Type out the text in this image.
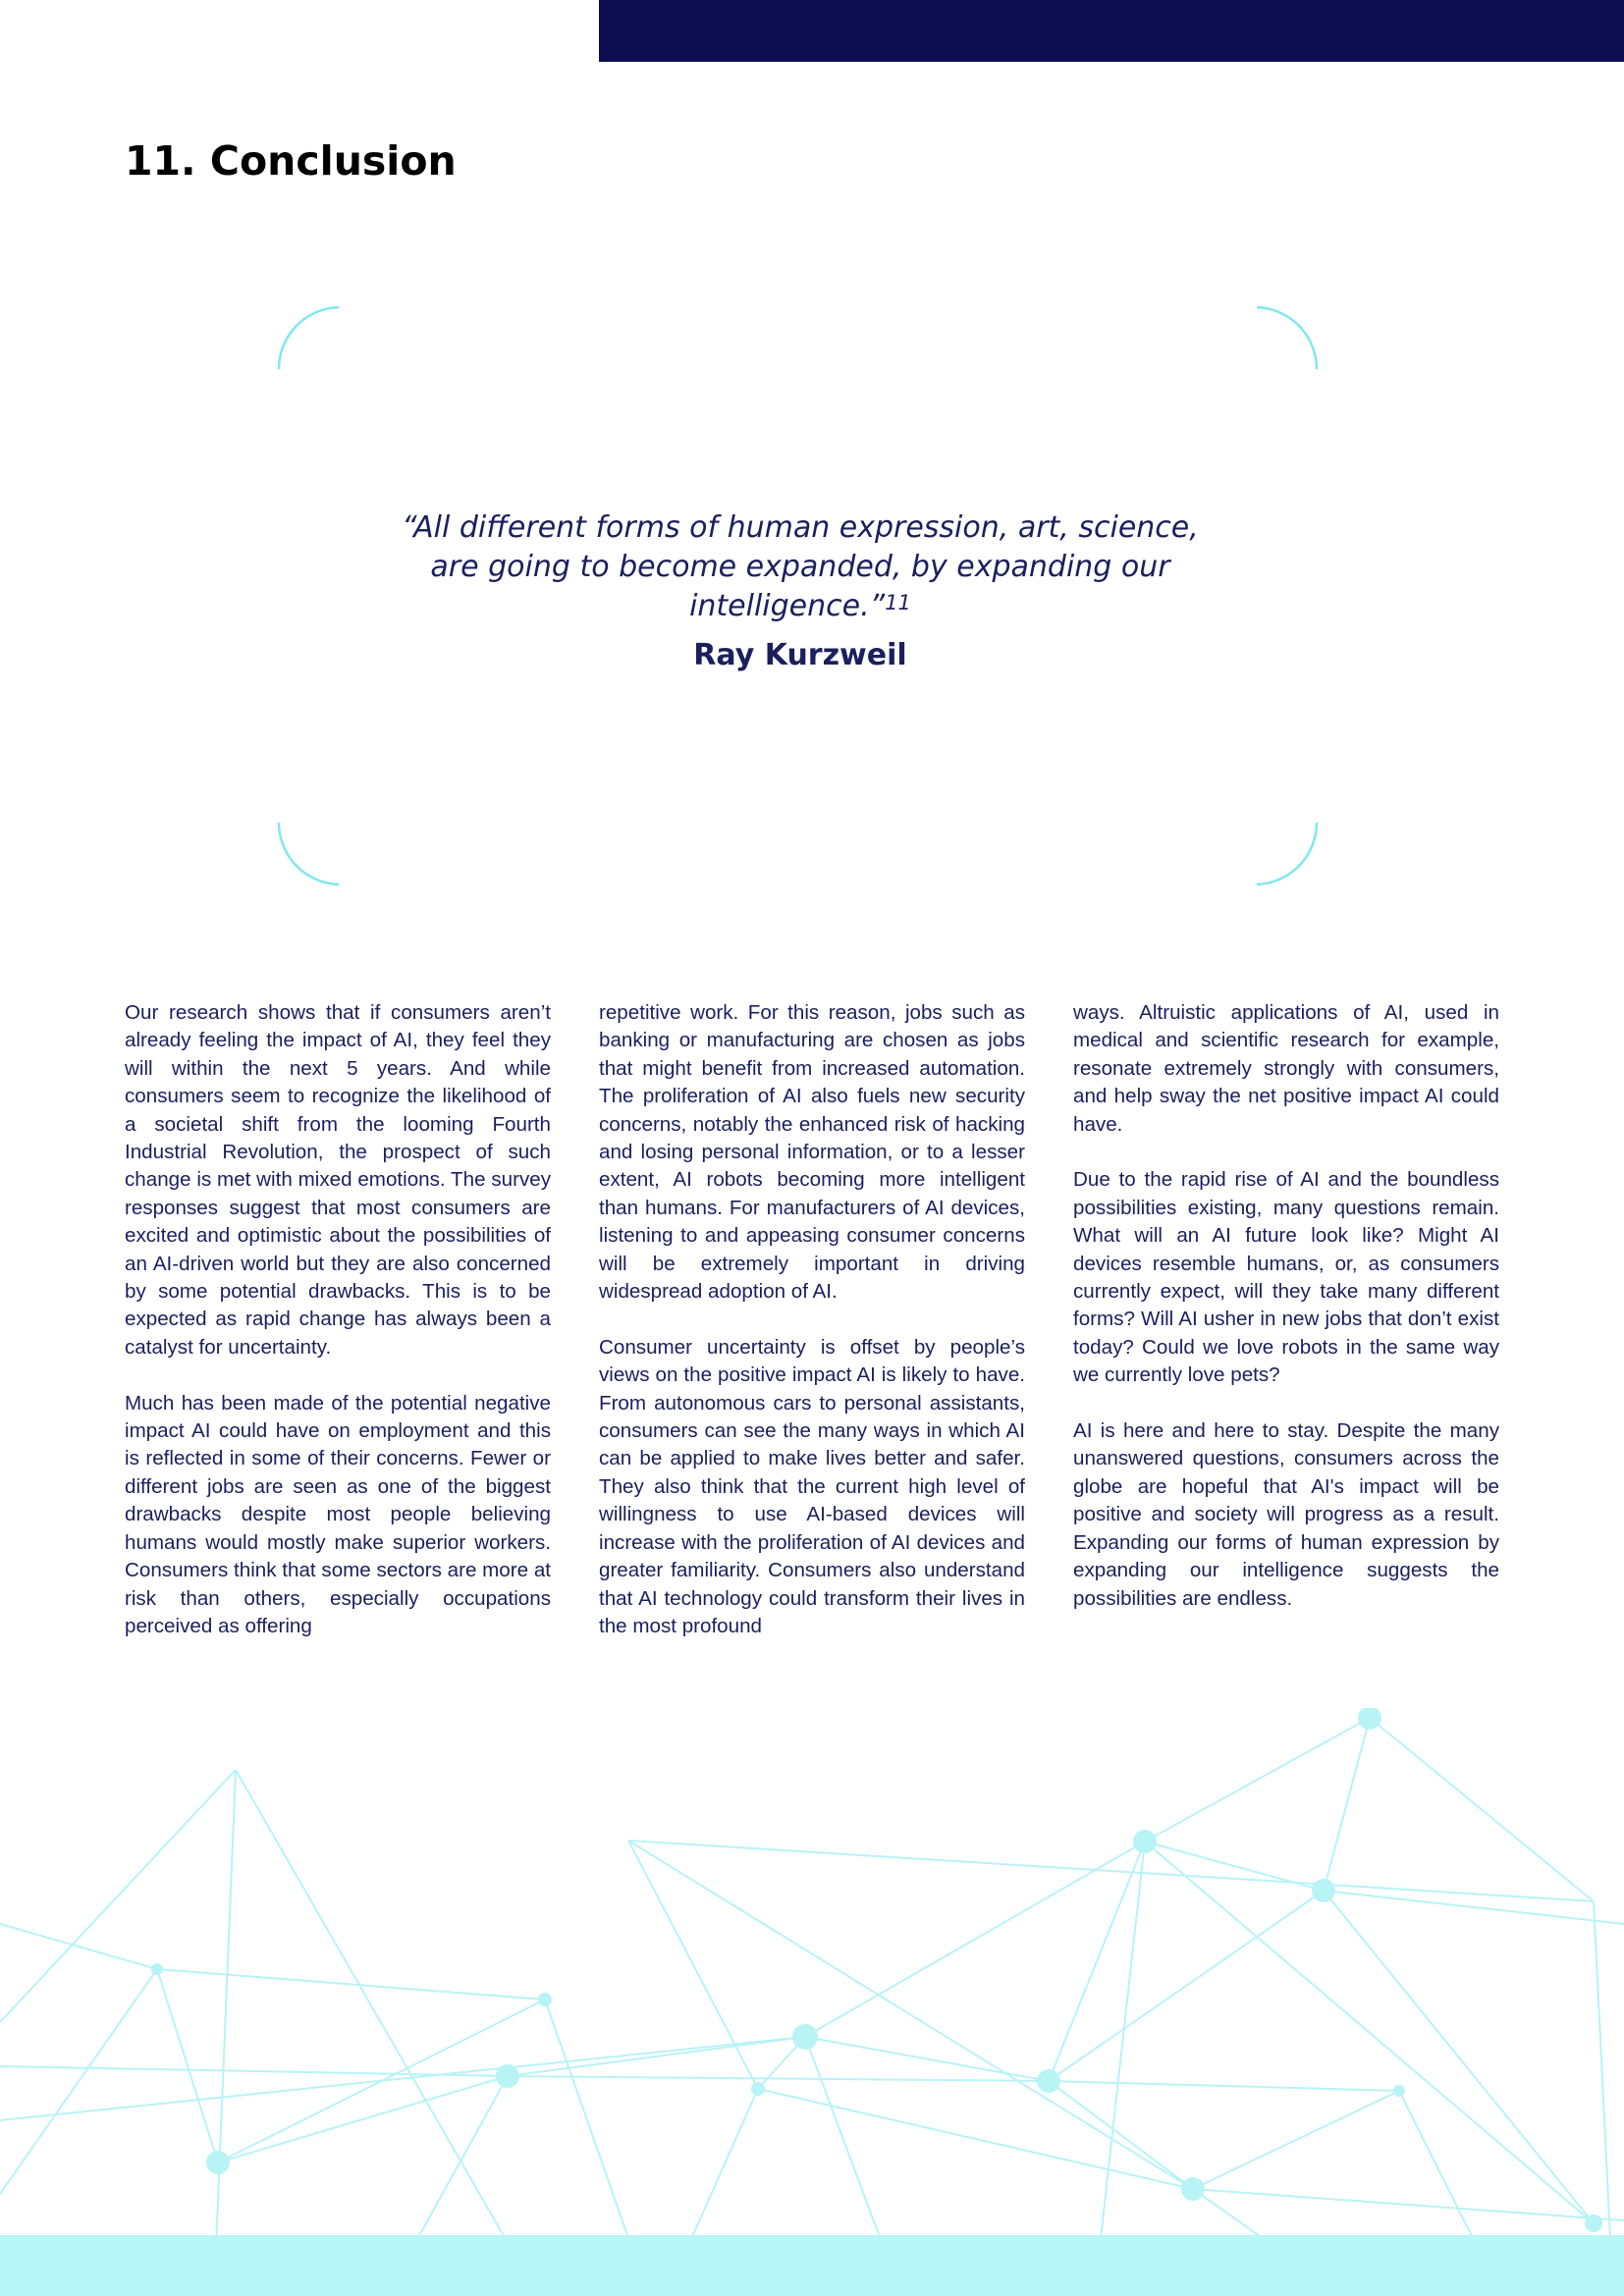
11. Conclusion

“All different forms of human expression, art, science, are going to become expanded, by expanding our intelligence.”$^{11}$

Ray Kurzweil

Our research shows that if consumers aren’t already feeling the impact of AI, they feel they will within the next 5 years. And while consumers seem to recognize the likelihood of a societal shift from the looming Fourth Industrial Revolution, the prospect of such change is met with mixed emotions. The survey responses suggest that most consumers are excited and optimistic about the possibilities of an AI-driven world but they are also concerned by some potential drawbacks. This is to be expected as rapid change has always been a catalyst for uncertainty.

Much has been made of the potential negative impact AI could have on employment and this is reflected in some of their concerns. Fewer or different jobs are seen as one of the biggest drawbacks despite most people believing humans would mostly make superior workers. Consumers think that some sectors are more at risk than others, especially occupations perceived as offering

repetitive work. For this reason, jobs such as banking or manufacturing are chosen as jobs that might benefit from increased automation. The proliferation of AI also fuels new security concerns, notably the enhanced risk of hacking and losing personal information, or to a lesser extent, AI robots becoming more intelligent than humans. For manufacturers of AI devices, listening to and appeasing consumer concerns will be extremely important in driving widespread adoption of AI.

Consumer uncertainty is offset by people’s views on the positive impact AI is likely to have. From autonomous cars to personal assistants, consumers can see the many ways in which AI can be applied to make lives better and safer. They also think that the current high level of willingness to use AI-based devices will increase with the proliferation of AI devices and greater familiarity. Consumers also understand that AI technology could transform their lives in the most profound

ways. Altruistic applications of AI, used in medical and scientific research for example, resonate extremely strongly with consumers, and help sway the net positive impact AI could have.

Due to the rapid rise of AI and the boundless possibilities existing, many questions remain. What will an AI future look like? Might AI devices resemble humans, or, as consumers currently expect, will they take many different forms? Will AI usher in new jobs that don’t exist today? Could we love robots in the same way we currently love pets?

AI is here and here to stay. Despite the many unanswered questions, consumers across the globe are hopeful that AI's impact will be positive and society will progress as a result. Expanding our forms of human expression by expanding our intelligence suggests the possibilities are endless.
